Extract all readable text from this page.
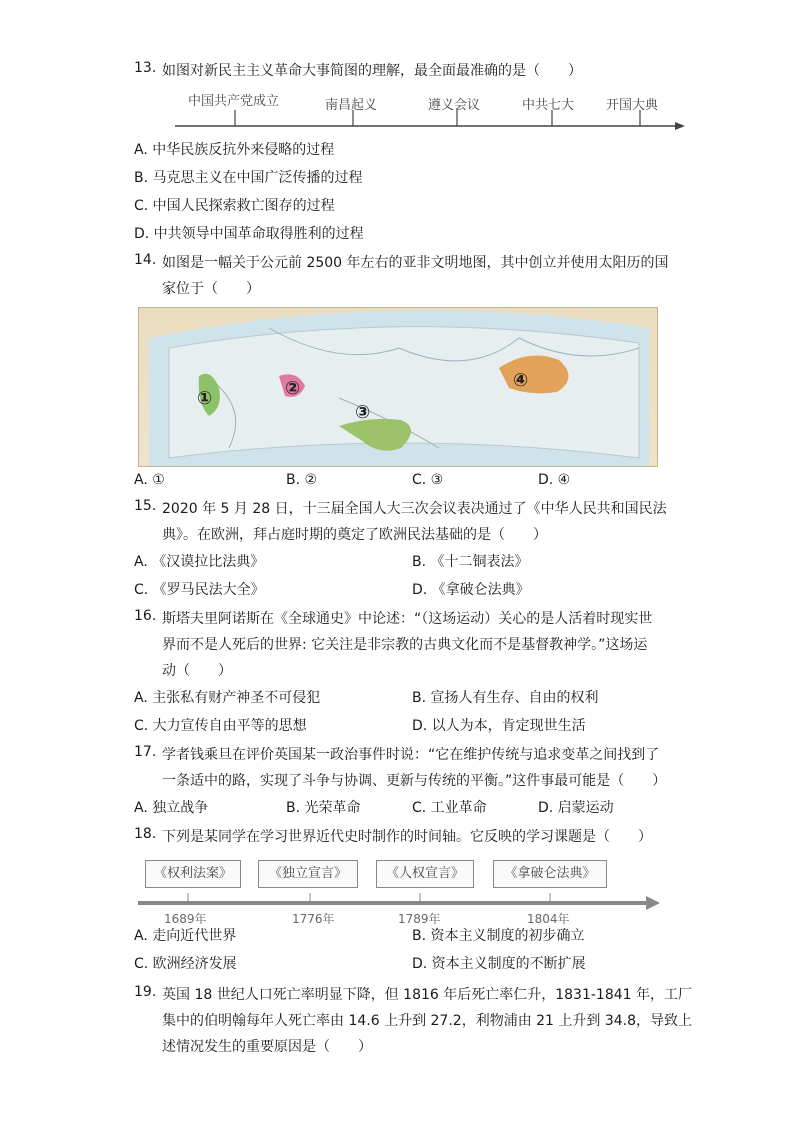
13. 如图对新民主主义革命大事简图的理解，最全面最准确的是（　　）
中国共产党成立	南昌起义	遵义会议	中共七大 开国大典
A. 中华民族反抗外来侵略的过程
B. 马克思主义在中国广泛传播的过程
C. 中国人民探索救亡图存的过程
D. 中共领导中国革命取得胜利的过程
14. 如图是一幅关于公元前 2500 年左右的亚非文明地图，其中创立并使用太阳历的国
家位于（　　）
①	②
③
④
A. ①	B. ②	C. ③	D. ④
15. 2020 年 5 月 28 日，十三届全国人大三次会议表决通过了《中华人民共和国民法
典》。在欧洲，拜占庭时期的奠定了欧洲民法基础的是（　　）
A. 《汉谟拉比法典》	B. 《十二铜表法》
C. 《罗马民法大全》	D. 《拿破仑法典》
16. 斯塔夫里阿诺斯在《全球通史》中论述：“（这场运动）关心的是人活着时现实世
界而不是人死后的世界: 它关注是非宗教的古典文化而不是基督教神学。”这场运
动（　　）
A. 主张私有财产神圣不可侵犯	B. 宣扬人有生存、自由的权利
C. 大力宣传自由平等的思想	D. 以人为本，肯定现世生活
17. 学者钱乘旦在评价英国某一政治事件时说：“它在维护传统与追求变革之间找到了
一条适中的路，实现了斗争与协调、更新与传统的平衡。”这件事最可能是（　　）
A. 独立战争	B. 光荣革命	C. 工业革命	D. 启蒙运动
18. 下列是某同学在学习世界近代史时制作的时间轴。它反映的学习课题是（　　）
《权利法案》	《独立宣言》	《人权宣言》	《拿破仑法典》
1689年	1776年	1789年	1804年
A. 走向近代世界	B. 资本主义制度的初步确立
C. 欧洲经济发展	D. 资本主义制度的不断扩展
19. 英国 18 世纪人口死亡率明显下降，但 1816 年后死亡率仁升，1831-1841 年，工厂
集中的伯明翰每年人死亡率由 14.6 上升到 27.2，利物浦由 21 上升到 34.8，导致上
述情况发生的重要原因是（　　）
